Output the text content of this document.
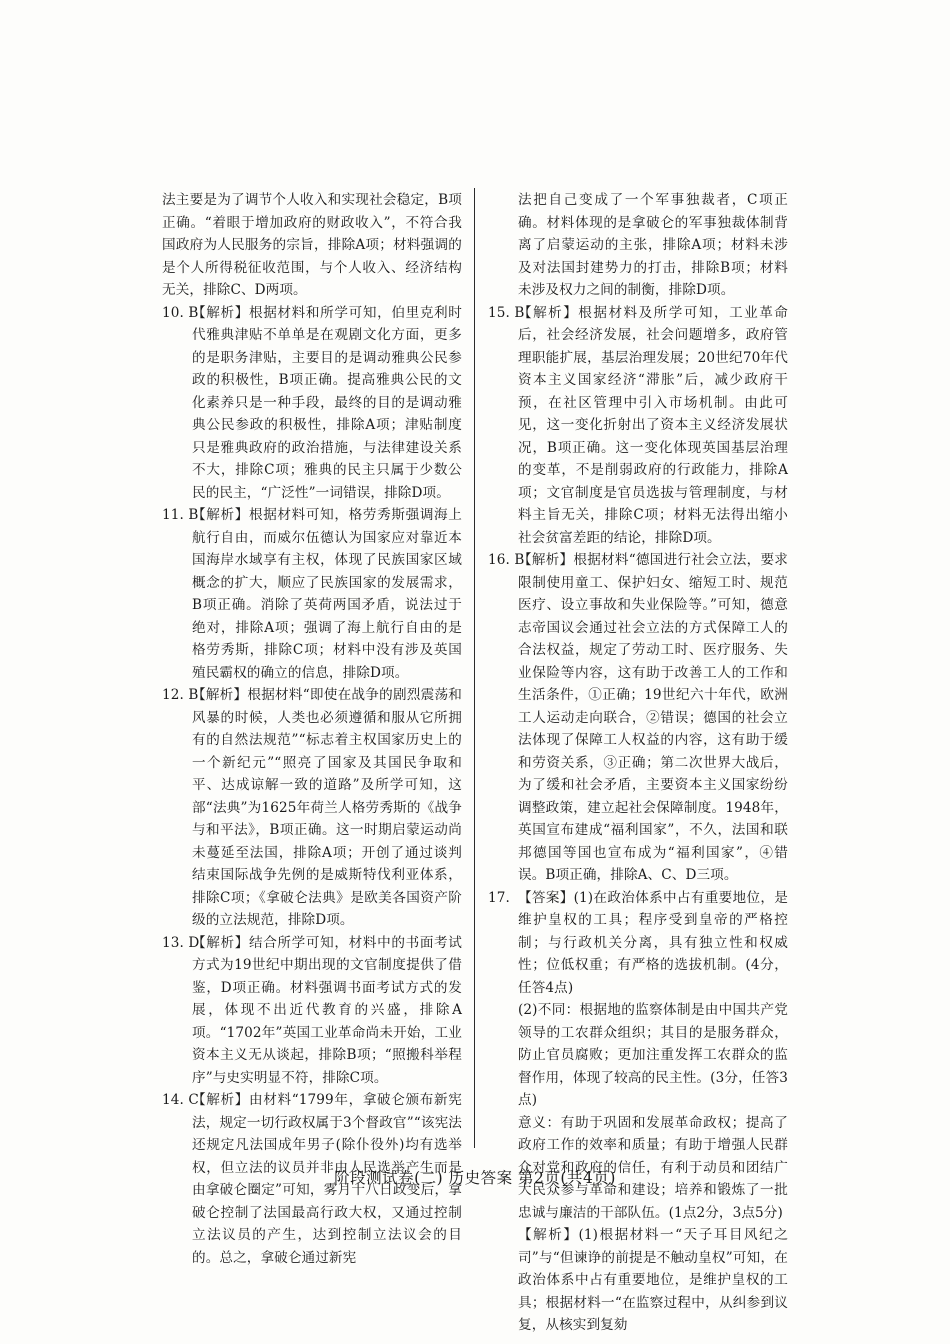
法主要是为了调节个人收入和实现社会稳定，B项正确。“着眼于增加政府的财政收入”，不符合我国政府为人民服务的宗旨，排除A项；材料强调的是个人所得税征收范围，与个人收入、经济结构无关，排除C、D两项。

10. B
【解析】根据材料和所学可知，伯里克利时代雅典津贴不单单是在观剧文化方面，更多的是职务津贴，主要目的是调动雅典公民参政的积极性，B项正确。提高雅典公民的文化素养只是一种手段，最终的目的是调动雅典公民参政的积极性，排除A项；津贴制度只是雅典政府的政治措施，与法律建设关系不大，排除C项；雅典的民主只属于少数公民的民主，“广泛性”一词错误，排除D项。
11. B
【解析】根据材料可知，格劳秀斯强调海上航行自由，而威尔伍德认为国家应对靠近本国海岸水域享有主权，体现了民族国家区域概念的扩大，顺应了民族国家的发展需求，B项正确。消除了英荷两国矛盾，说法过于绝对，排除A项；强调了海上航行自由的是格劳秀斯，排除C项；材料中没有涉及英国殖民霸权的确立的信息，排除D项。
12. B
【解析】根据材料“即使在战争的剧烈震荡和风暴的时候，人类也必须遵循和服从它所拥有的自然法规范”“标志着主权国家历史上的一个新纪元”“照亮了国家及其国民争取和平、达成谅解一致的道路”及所学可知，这部“法典”为1625年荷兰人格劳秀斯的《战争与和平法》，B项正确。这一时期启蒙运动尚未蔓延至法国，排除A项；开创了通过谈判结束国际战争先例的是威斯特伐利亚体系，排除C项；《拿破仑法典》是欧美各国资产阶级的立法规范，排除D项。
13. D
【解析】结合所学可知，材料中的书面考试方式为19世纪中期出现的文官制度提供了借鉴，D项正确。材料强调书面考试方式的发展，体现不出近代教育的兴盛，排除A项。“1702年”英国工业革命尚未开始，工业资本主义无从谈起，排除B项；“照搬科举程序”与史实明显不符，排除C项。
14. C
【解析】由材料“1799年，拿破仑颁布新宪法，规定一切行政权属于3个督政官”“该宪法还规定凡法国成年男子(除仆役外)均有选举权，但立法的议员并非由人民选举产生而是由拿破仑圈定”可知，雾月十八日政变后，拿破仑控制了法国最高行政大权，又通过控制立法议员的产生，达到控制立法议会的目的。总之，拿破仑通过新宪

法把自己变成了一个军事独裁者，C项正确。材料体现的是拿破仑的军事独裁体制背离了启蒙运动的主张，排除A项；材料未涉及对法国封建势力的打击，排除B项；材料未涉及权力之间的制衡，排除D项。

15. B
【解析】根据材料及所学可知，工业革命后，社会经济发展，社会问题增多，政府管理职能扩展，基层治理发展；20世纪70年代资本主义国家经济“滞胀”后，减少政府干预，在社区管理中引入市场机制。由此可见，这一变化折射出了资本主义经济发展状况，B项正确。这一变化体现英国基层治理的变革，不是削弱政府的行政能力，排除A项；文官制度是官员选拔与管理制度，与材料主旨无关，排除C项；材料无法得出缩小社会贫富差距的结论，排除D项。
16. B
【解析】根据材料“德国进行社会立法，要求限制使用童工、保护妇女、缩短工时、规范医疗、设立事故和失业保险等。”可知，德意志帝国议会通过社会立法的方式保障工人的合法权益，规定了劳动工时、医疗服务、失业保险等内容，这有助于改善工人的工作和生活条件，①正确；19世纪六十年代，欧洲工人运动走向联合，②错误；德国的社会立法体现了保障工人权益的内容，这有助于缓和劳资关系，③正确；第二次世界大战后，为了缓和社会矛盾，主要资本主义国家纷纷调整政策，建立起社会保障制度。1948年，英国宣布建成“福利国家”，不久，法国和联邦德国等国也宣布成为“福利国家”，④错误。B项正确，排除A、C、D三项。
17. 【答案】(1)在政治体系中占有重要地位，是维护皇权的工具；程序受到皇帝的严格控制；与行政机关分离，具有独立性和权威性；位低权重；有严格的选拔机制。(4分，任答4点)

(2)不同：根据地的监察体制是由中国共产党领导的工农群众组织；其目的是服务群众，防止官员腐败；更加注重发挥工农群众的监督作用，体现了较高的民主性。(3分，任答3点)

意义：有助于巩固和发展革命政权；提高了政府工作的效率和质量；有助于增强人民群众对党和政府的信任，有利于动员和团结广大民众参与革命和建设；培养和锻炼了一批忠诚与廉洁的干部队伍。(1点2分，3点5分)

【解析】(1)根据材料一“天子耳目风纪之司”与“但谏诤的前提是不触动皇权”可知，在政治体系中占有重要地位，是维护皇权的工具；根据材料一“在监察过程中，从纠参到议复，从核实到复劾

阶段测试卷(二) 历史答案 第2页(共4页)
